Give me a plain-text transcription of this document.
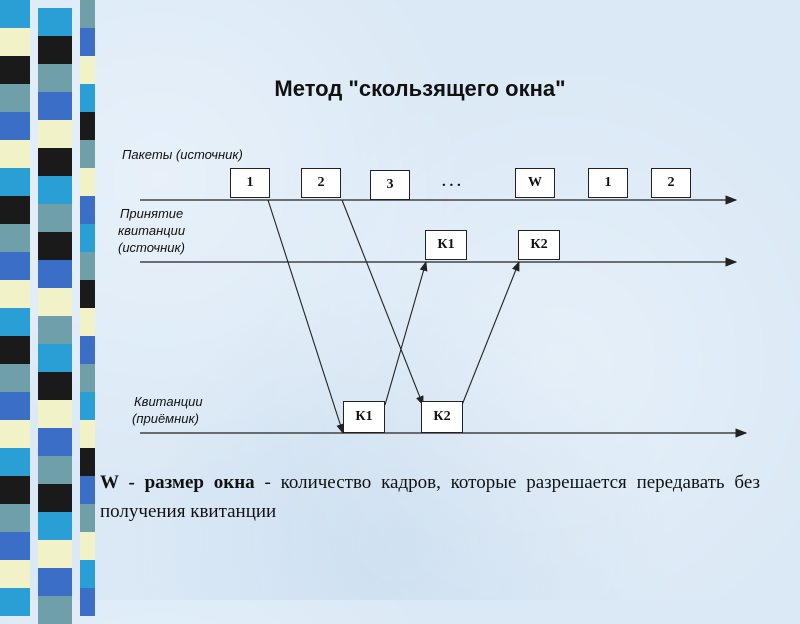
Метод "скользящего окна"
Пакеты (источник)
Принятие
квитанции
(источник)
Квитанции
(приёмник)
1	2	3	. . .	W	1	2
К1	К2
К1	К2
W - размер окна - количество кадров, которые разрешается передавать без получения квитанции
